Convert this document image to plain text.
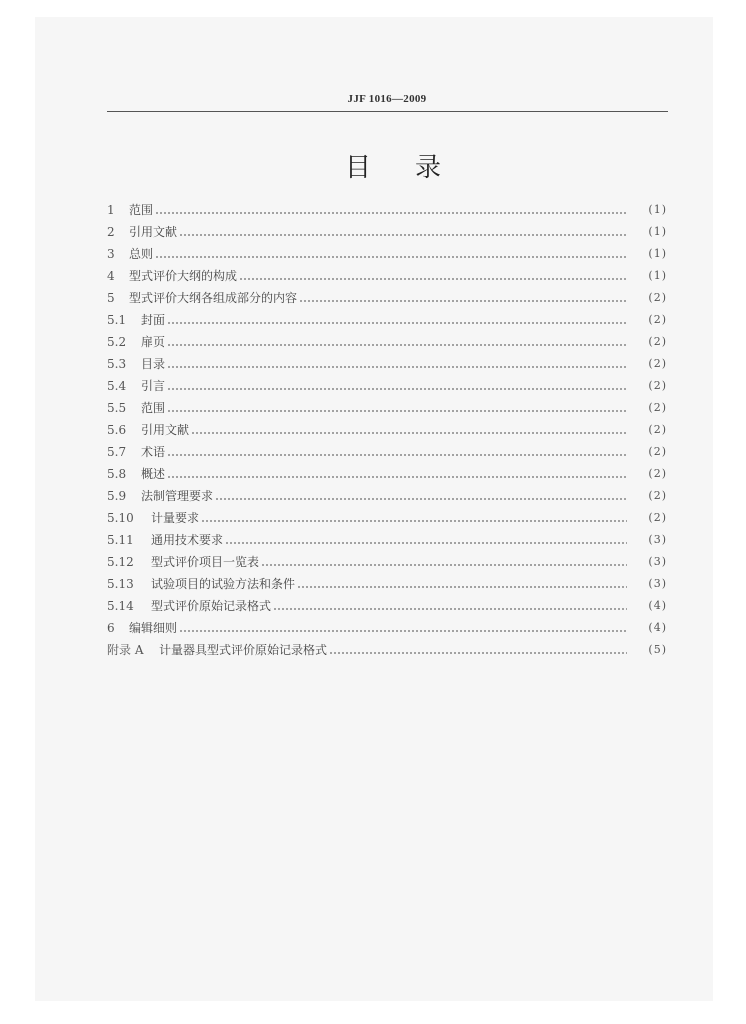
JJF 1016—2009
目录
1	范围	(1)
2	引用文献	(1)
3	总则	(1)
4	型式评价大纲的构成	(1)
5	型式评价大纲各组成部分的内容	(2)
5.1	封面	(2)
5.2	扉页	(2)
5.3	目录	(2)
5.4	引言	(2)
5.5	范围	(2)
5.6	引用文献	(2)
5.7	术语	(2)
5.8	概述	(2)
5.9	法制管理要求	(2)
5.10	计量要求	(2)
5.11	通用技术要求	(3)
5.12	型式评价项目一览表	(3)
5.13	试验项目的试验方法和条件	(3)
5.14	型式评价原始记录格式	(4)
6	编辑细则	(4)
附录 A	计量器具型式评价原始记录格式	(5)
